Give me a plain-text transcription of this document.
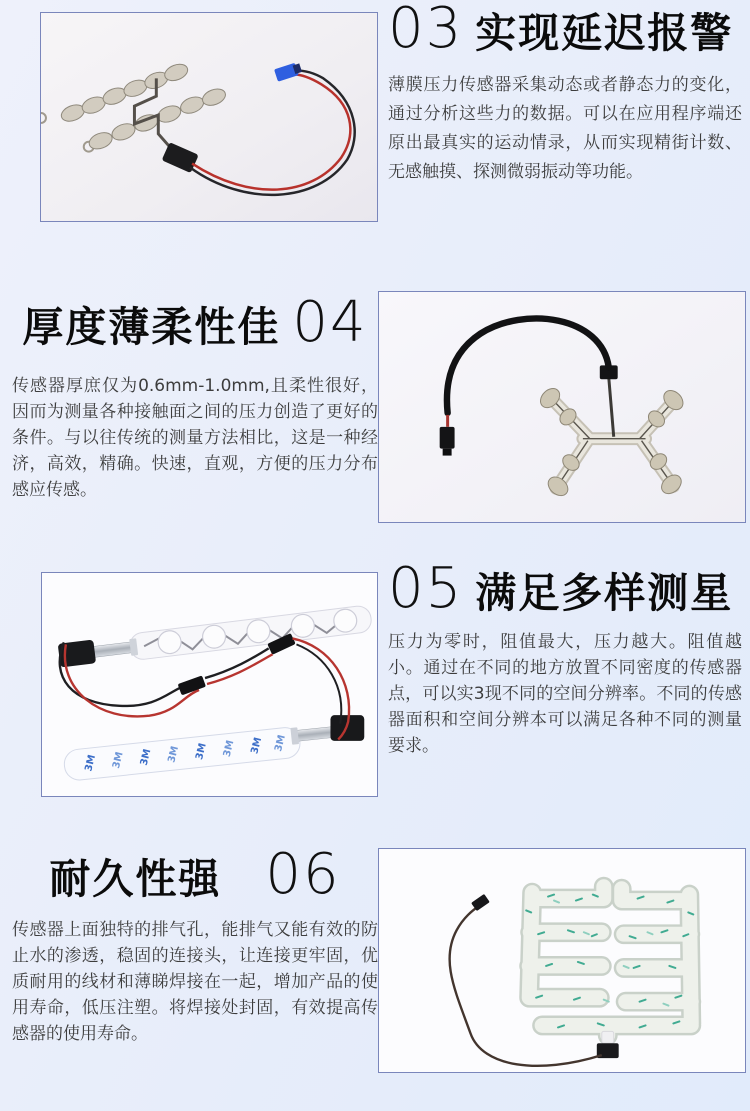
03 实现延迟报警
薄膜压力传感器采集动态或者静态力的变化，通过分析这些力的数据。可以在应用程序端还原出最真实的运动情录，从而实现精街计数、无感触摸、探测微弱振动等功能。
厚度薄柔性佳 04
传感器厚庶仅为0.6mm-1.0mm,且柔性很好，因而为测量各种接触面之间的压力创造了更好的条件。与以往传统的测量方法相比，这是一种经济，高效，精确。快速，直观，方便的压力分布感应传感。
3M 3M 3M 3M 3M 3M 3M 3M
05 满足多样测星
压力为零时，阻值最大，压力越大。阻值越小。通过在不同的地方放置不同密度的传感器点，可以实3现不同的空间分辨率。不同的传感器面积和空间分辨本可以满足各种不同的测量要求。
耐久性强 06
传感器上面独特的排气孔，能排气又能有效的防止水的渗透，稳固的连接头，让连接更牢固，优质耐用的线材和薄睇焊接在一起，增加产品的使用寿命，低压注塑。将焊接处封固，有效提高传感器的使用寿命。
